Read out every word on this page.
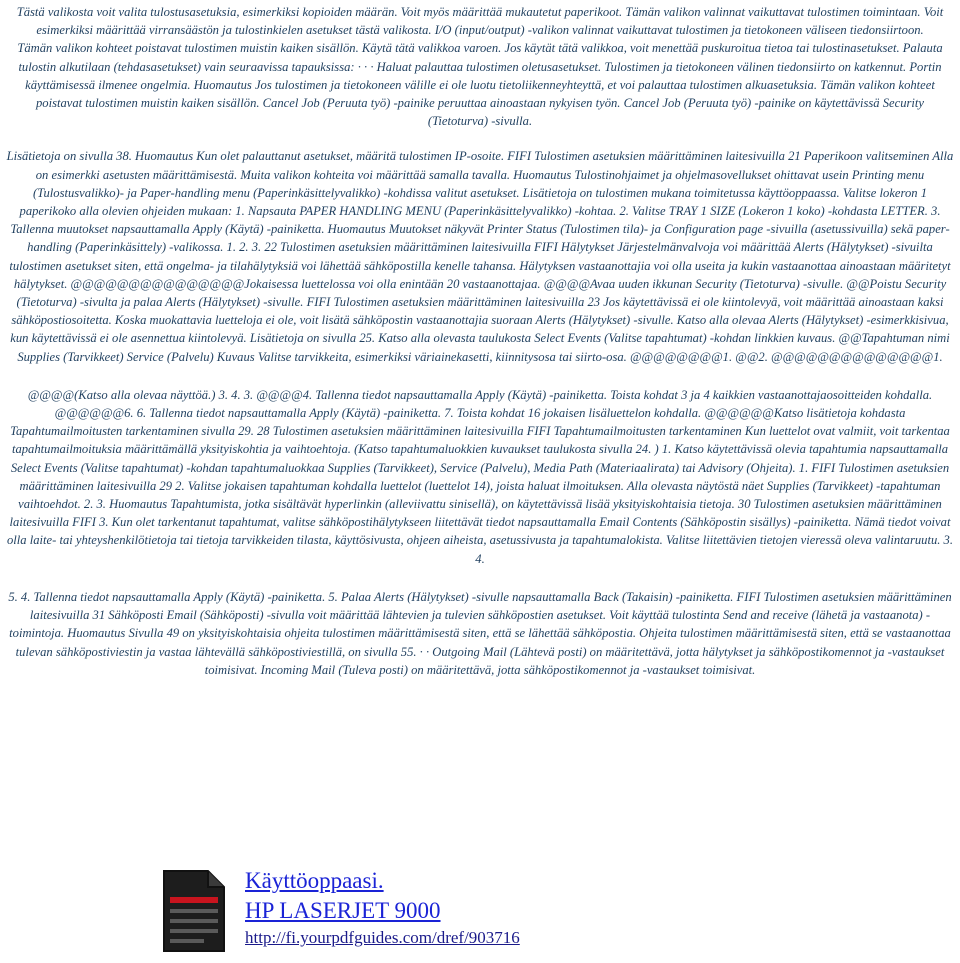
Tästä valikosta voit valita tulostusasetuksia, esimerkiksi kopioiden määrän. Voit myös määrittää mukautetut paperikoot. Tämän valikon valinnat vaikuttavat tulostimen toimintaan. Voit esimerkiksi määrittää virransäästön ja tulostinkielen asetukset tästä valikosta. I/O (input/output) -valikon valinnat vaikuttavat tulostimen ja tietokoneen väliseen tiedonsiirtoon.

Tämän valikon kohteet poistavat tulostimen muistin kaiken sisällön. Käytä tätä valikkoa varoen. Jos käytät tätä valikkoa, voit menettää puskuroitua tietoa tai tulostinasetukset. Palauta tulostin alkutilaan (tehdasasetukset) vain seuraavissa tapauksissa: · · · Haluat palauttaa tulostimen oletusasetukset. Tulostimen ja tietokoneen välinen tiedonsiirto on katkennut. Portin käyttämisessä ilmenee ongelmia. Huomautus Jos tulostimen ja tietokoneen välille ei ole luotu tietoliikenneyhteyttä, et voi palauttaa tulostimen alkuasetuksia. Tämän valikon kohteet poistavat tulostimen muistin kaiken sisällön. Cancel Job (Peruuta työ) -painike peruuttaa ainoastaan nykyisen työn. Cancel Job (Peruuta työ) -painike on käytettävissä Security (Tietoturva) -sivulla.

Lisätietoja on sivulla 38. Huomautus Kun olet palauttanut asetukset, määritä tulostimen IP-osoite. FIFI Tulostimen asetuksien määrittäminen laitesivuilla 21 Paperikoon valitseminen Alla on esimerkki asetusten määrittämisestä. Muita valikon kohteita voi määrittää samalla tavalla. Huomautus Tulostinohjaimet ja ohjelmasovellukset ohittavat usein Printing menu (Tulostusvalikko)- ja Paper-handling menu (Paperinkäsittelyvalikko) -kohdissa valitut asetukset. Lisätietoja on tulostimen mukana toimitetussa käyttöoppaassa. Valitse lokeron 1 paperikoko alla olevien ohjeiden mukaan: 1. Napsauta PAPER HANDLING MENU (Paperinkäsittelyvalikko) -kohtaa. 2. Valitse TRAY 1 SIZE (Lokeron 1 koko) -kohdasta LETTER. 3. Tallenna muutokset napsauttamalla Apply (Käytä) -painiketta. Huomautus Muutokset näkyvät Printer Status (Tulostimen tila)- ja Configuration page -sivuilla (asetussivuilla) sekä paper-handling (Paperinkäsittely) -valikossa. 1. 2. 3. 22 Tulostimen asetuksien määrittäminen laitesivuilla FIFI Hälytykset Järjestelmänvalvoja voi määrittää Alerts (Hälytykset) -sivuilta tulostimen asetukset siten, että ongelma- ja tilahälytyksiä voi lähettää sähköpostilla kenelle tahansa. Hälytyksen vastaanottajia voi olla useita ja kukin vastaanottaa ainoastaan määritetyt hälytykset. @@@@@@@@@@@@@@@Jokaisessa luettelossa voi olla enintään 20 vastaanottajaa. @@@@Avaa uuden ikkunan Security (Tietoturva) -sivulle. @@Poistu Security (Tietoturva) -sivulta ja palaa Alerts (Hälytykset) -sivulle. FIFI Tulostimen asetuksien määrittäminen laitesivuilla 23 Jos käytettävissä ei ole kiintolevyä, voit määrittää ainoastaan kaksi sähköpostiosoitetta. Koska muokattavia luetteloja ei ole, voit lisätä sähköpostin vastaanottajia suoraan Alerts (Hälytykset) -sivulle. Katso alla olevaa Alerts (Hälytykset) -esimerkkisivua, kun käytettävissä ei ole asennettua kiintolevyä. Lisätietoja on sivulla 25. Katso alla olevasta taulukosta Select Events (Valitse tapahtumat) -kohdan linkkien kuvaus. @@Tapahtuman nimi Supplies (Tarvikkeet) Service (Palvelu) Kuvaus Valitse tarvikkeita, esimerkiksi väriainekasetti, kiinnitysosa tai siirto-osa. @@@@@@@@1. @@2. @@@@@@@@@@@@@@1.

@@@@(Katso alla olevaa näyttöä.) 3. 4. 3. @@@@4. Tallenna tiedot napsauttamalla Apply (Käytä) -painiketta. Toista kohdat 3 ja 4 kaikkien vastaanottajaosoitteiden kohdalla. @@@@@@6. 6. Tallenna tiedot napsauttamalla Apply (Käytä) -painiketta. 7. Toista kohdat 16 jokaisen lisäluettelon kohdalla. @@@@@@Katso lisätietoja kohdasta Tapahtumailmoitusten tarkentaminen sivulla 29. 28 Tulostimen asetuksien määrittäminen laitesivuilla FIFI Tapahtumailmoitusten tarkentaminen Kun luettelot ovat valmiit, voit tarkentaa tapahtumailmoituksia määrittämällä yksityiskohtia ja vaihtoehtoja. (Katso tapahtumaluokkien kuvaukset taulukosta sivulla 24. ) 1. Katso käytettävissä olevia tapahtumia napsauttamalla Select Events (Valitse tapahtumat) -kohdan tapahtumaluokkaa Supplies (Tarvikkeet), Service (Palvelu), Media Path (Materiaalirata) tai Advisory (Ohjeita). 1. FIFI Tulostimen asetuksien määrittäminen laitesivuilla 29 2. Valitse jokaisen tapahtuman kohdalla luettelot (luettelot 14), joista haluat ilmoituksen. Alla olevasta näytöstä näet Supplies (Tarvikkeet) -tapahtuman vaihtoehdot. 2. 3. Huomautus Tapahtumista, jotka sisältävät hyperlinkin (alleviivattu sinisellä), on käytettävissä lisää yksityiskohtaisia tietoja. 30 Tulostimen asetuksien määrittäminen laitesivuilla FIFI 3. Kun olet tarkentanut tapahtumat, valitse sähköpostihälytykseen liitettävät tiedot napsauttamalla Email Contents (Sähköpostin sisällys) -painiketta. Nämä tiedot voivat olla laite- tai yhteyshenkilötietoja tai tietoja tarvikkeiden tilasta, käyttösivusta, ohjeen aiheista, asetussivusta ja tapahtumalokista. Valitse liitettävien tietojen vieressä oleva valintaruutu. 3. 4.

5. 4. Tallenna tiedot napsauttamalla Apply (Käytä) -painiketta. 5. Palaa Alerts (Hälytykset) -sivulle napsauttamalla Back (Takaisin) -painiketta. FIFI Tulostimen asetuksien määrittäminen laitesivuilla 31 Sähköposti Email (Sähköposti) -sivulla voit määrittää lähtevien ja tulevien sähköpostien asetukset. Voit käyttää tulostinta Send and receive (lähetä ja vastaanota) -toimintoja. Huomautus Sivulla 49 on yksityiskohtaisia ohjeita tulostimen määrittämisestä siten, että se lähettää sähköpostia. Ohjeita tulostimen määrittämisestä siten, että se vastaanottaa tulevan sähköpostiviestin ja vastaa lähtevällä sähköpostiviestillä, on sivulla 55. · · Outgoing Mail (Lähtevä posti) on määritettävä, jotta hälytykset ja sähköpostikomennot ja -vastaukset toimisivat. Incoming Mail (Tuleva posti) on määritettävä, jotta sähköpostikomennot ja -vastaukset toimisivat.

Käyttöoppaasi.
HP LASERJET 9000
http://fi.yourpdfguides.com/dref/903716
